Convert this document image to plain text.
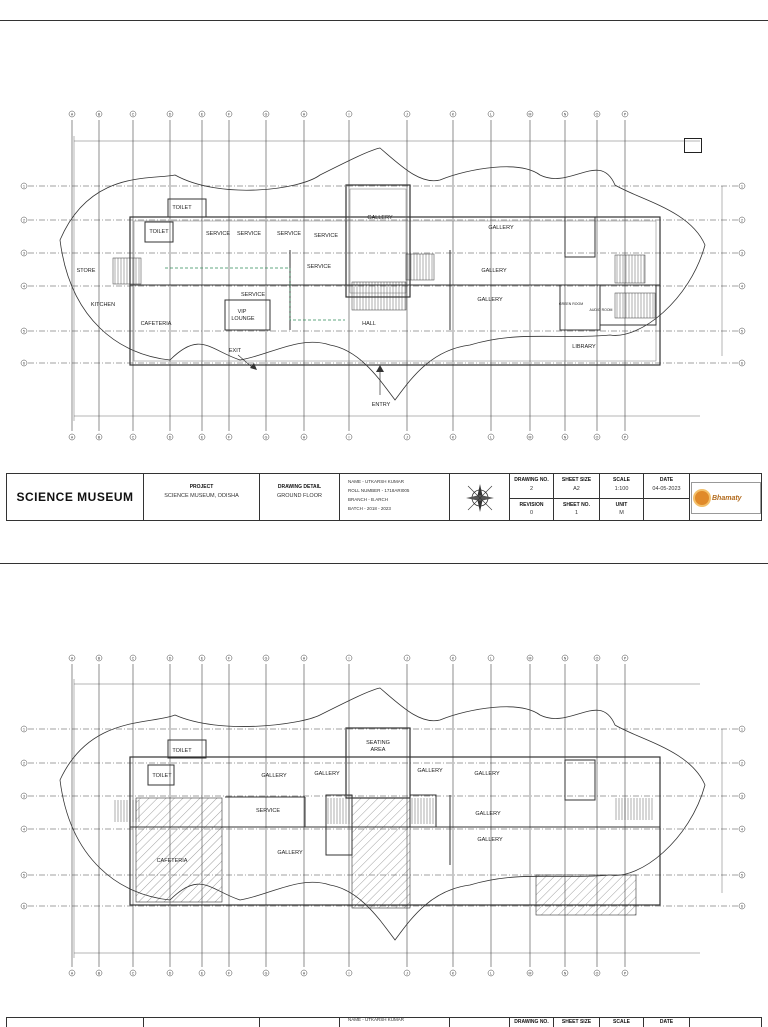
A
A
B
B
C
C
D
D
E
E
F
F
G
G
H
H
I
I
J
J
K
K
L
L
M
M
N
N
O
O
P
P
1	1
2	2
3	3
4	4
5	5
6	6
TOILET
TOILET
STORE
KITCHEN
CAFETERIA
SERVICE SERVICE	SERVICE SERVICE
SERVICE
SERVICE
VIP
LOUNGE
EXIT
GALLERY
GALLERY
GALLERY
GALLERY
HALL
ENTRY
LIBRARY
GREEN ROOM
AUDIO ROOM
SCIENCE MUSEUM
PROJECT
SCIENCE MUSEUM, ODISHA
DRAWING DETAIL
GROUND FLOOR
NAME - UTKARSH KUMAR
ROLL NUMBER - 1718ARI005
BRANCH - B.ARCH
BATCH - 2018 - 2023
DRAWING NO.
2
REVISION
0
SHEET SIZE
A2
SHEET NO.
1
SCALE
1:100
UNIT
M
DATE
04-05-2023
Bhamaty
A
A
B
B
C
C
D
D
E
E
F
F
G
G
H
H
I
I
J
J
K
K
L
L
M
M
N
N
O
O
P
P
1	1
2	2
3	3
4	4
5	5
6	6
TOILET
TOILET
SEATING
AREA
GALLERY	GALLERY	GALLERY	GALLERY
GALLERY
GALLERY
GALLERY
SERVICE
CAFETERIA
NAME - UTKARSH KUMAR	DRAWING NO.	SHEET SIZE	SCALE	DATE
